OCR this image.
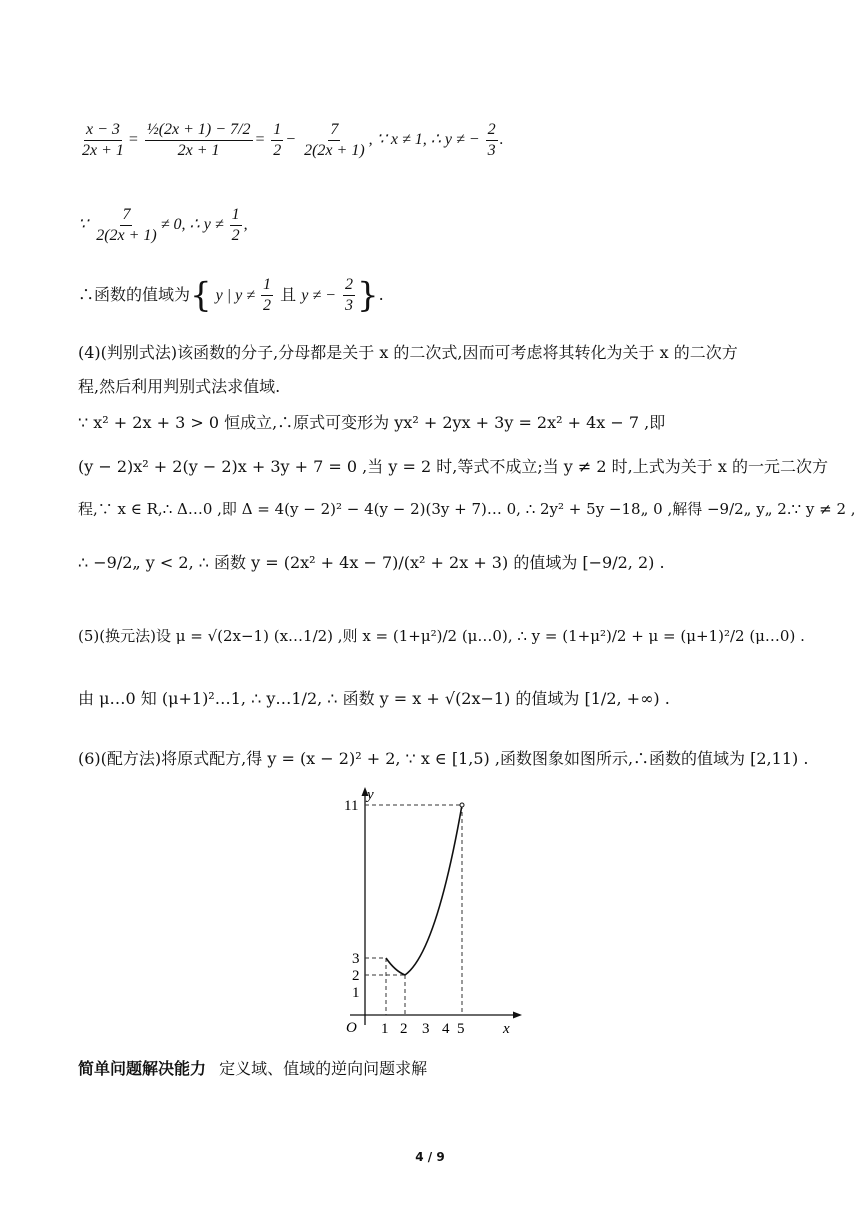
$\frac{x - 3}{2x + 1} = \frac{\text{½(2x + 1) − 7/2}}{2x + 1} = \frac{1}{2} - \frac{7}{2(2x + 1)}$ , ∵ x ≠ 1, ∴ y ≠ − $\frac{2}{3}$ .
∵ $\frac{7}{2(2x + 1)} \ne 0$, ∴ $y \ne \frac{1}{2}$ ,
∴函数的值域为{ y | $y \ne \frac{1}{2}$ 且 y ≠ − $\frac{2}{3}$ }.
(4)(判别式法)该函数的分子,分母都是关于 x 的二次式,因而可考虑将其转化为关于 x 的二次方
程,然后利用判别式法求值域.
∵ x² + 2x + 3 > 0 恒成立,∴原式可变形为 yx² + 2yx + 3y = 2x² + 4x − 7 ,即
(y − 2)x² + 2(y − 2)x + 3y + 7 = 0 ,当 y = 2 时,等式不成立;当 y ≠ 2 时,上式为关于 x 的一元二次方
程,∵ x ∈ R,∴ Δ…0 ,即 Δ = 4(y − 2)² − 4(y − 2)(3y + 7)… 0, ∴ 2y² + 5y −18„ 0 ,解得 −9/2„ y„ 2.∵ y ≠ 2 ,
∴ −9/2„ y < 2, ∴ 函数 y = (2x² + 4x − 7)/(x² + 2x + 3) 的值域为 [−9/2, 2) .
(5)(换元法)设 μ = √(2x−1) (x…1/2) ,则 x = (1+μ²)/2 (μ…0), ∴ y = (1+μ²)/2 + μ = (μ+1)²/2 (μ…0) .
由 μ…0 知 (μ+1)²…1, ∴ y…1/2, ∴ 函数 y = x + √(2x−1) 的值域为 [1/2, +∞) .
(6)(配方法)将原式配方,得 y = (x − 2)² + 2, ∵ x ∈ [1,5) ,函数图象如图所示,∴函数的值域为 [2,11) .
y
x
O
11
3
2
1
1 2 3 4 5
简单问题解决能力 定义域、值域的逆向问题求解
4 / 9
